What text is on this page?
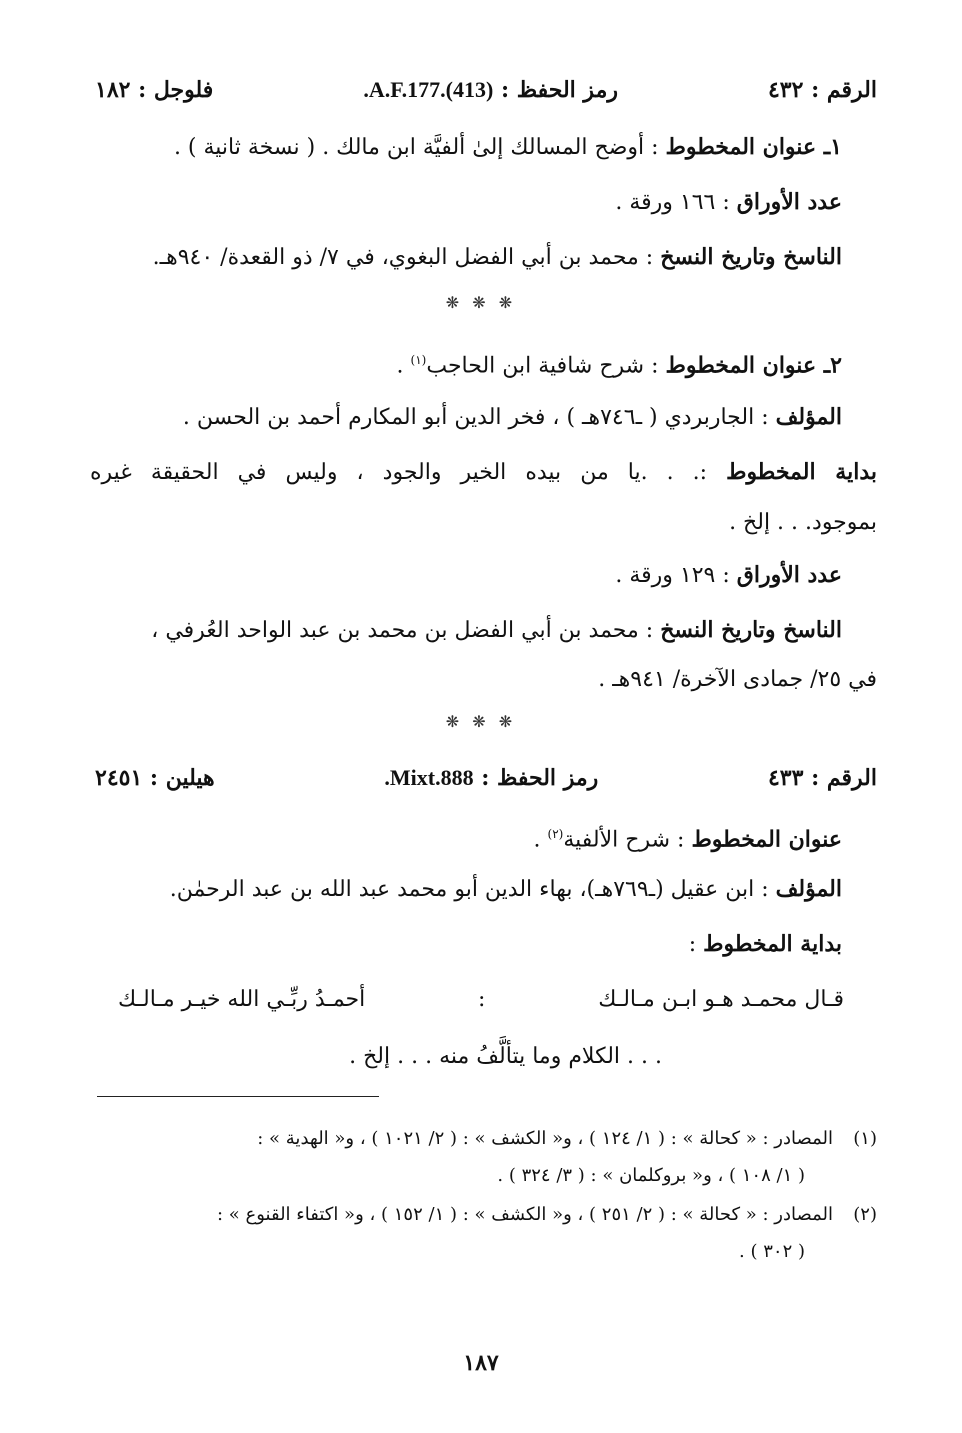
الرقم : ٤٣٢
رمز الحفظ : .A.F.177.(413)
فلوجل : ١٨٢
١ـ عنوان المخطوط : أوضح المسالك إلىٰ ألفيَّة ابن مالك . ( نسخة ثانية ) .
عدد الأوراق : ١٦٦ ورقة .
الناسخ وتاريخ النسخ : محمد بن أبي الفضل البغوي، في ٧/ ذو القعدة/ ٩٤٠هـ.
❋ ❋ ❋
٢ـ عنوان المخطوط : شرح شافية ابن الحاجب$^{(١)}$ .
المؤلف : الجاربردي ( ـ٧٤٦هـ ) ، فخر الدين أبو المكارم أحمد بن الحسن .
بداية المخطوط :. . .يا من بيده الخير والجود ، وليس في الحقيقة غيره
بموجود. . . إلخ .
عدد الأوراق : ١٢٩ ورقة .
الناسخ وتاريخ النسخ : محمد بن أبي الفضل بن محمد بن عبد الواحد العُرفي ،
في ٢٥/ جمادى الآخرة/ ٩٤١هـ .
❋ ❋ ❋
الرقم : ٤٣٣
رمز الحفظ : .Mixt.888
هيلين : ٢٤٥١
عنوان المخطوط : شرح الألفية$^{(٢)}$ .
المؤلف : ابن عقيل (ـ٧٦٩هـ)، بهاء الدين أبو محمد عبد الله بن عبد الرحمٰن.
بداية المخطوط :
قـال محمـد هـو ابـن مـالـك
:
أحمـدُ ربِّـي الله خيـر مـالـك
. . . الكلام وما يتألَّفُ منه . . . إلخ .
(١)المصادر : « كحالة » : ( ١/ ١٢٤ ) ، و« الكشف » : ( ٢/ ١٠٢١ ) ، و« الهدية » :
( ١/ ١٠٨ ) ، و« بروكلمان » : ( ٣/ ٣٢٤ ) .
(٢)المصادر : « كحالة » : ( ٢/ ٢٥١ ) ، و« الكشف » : ( ١/ ١٥٢ ) ، و« اكتفاء القنوع » :
( ٣٠٢ ) .
١٨٧
